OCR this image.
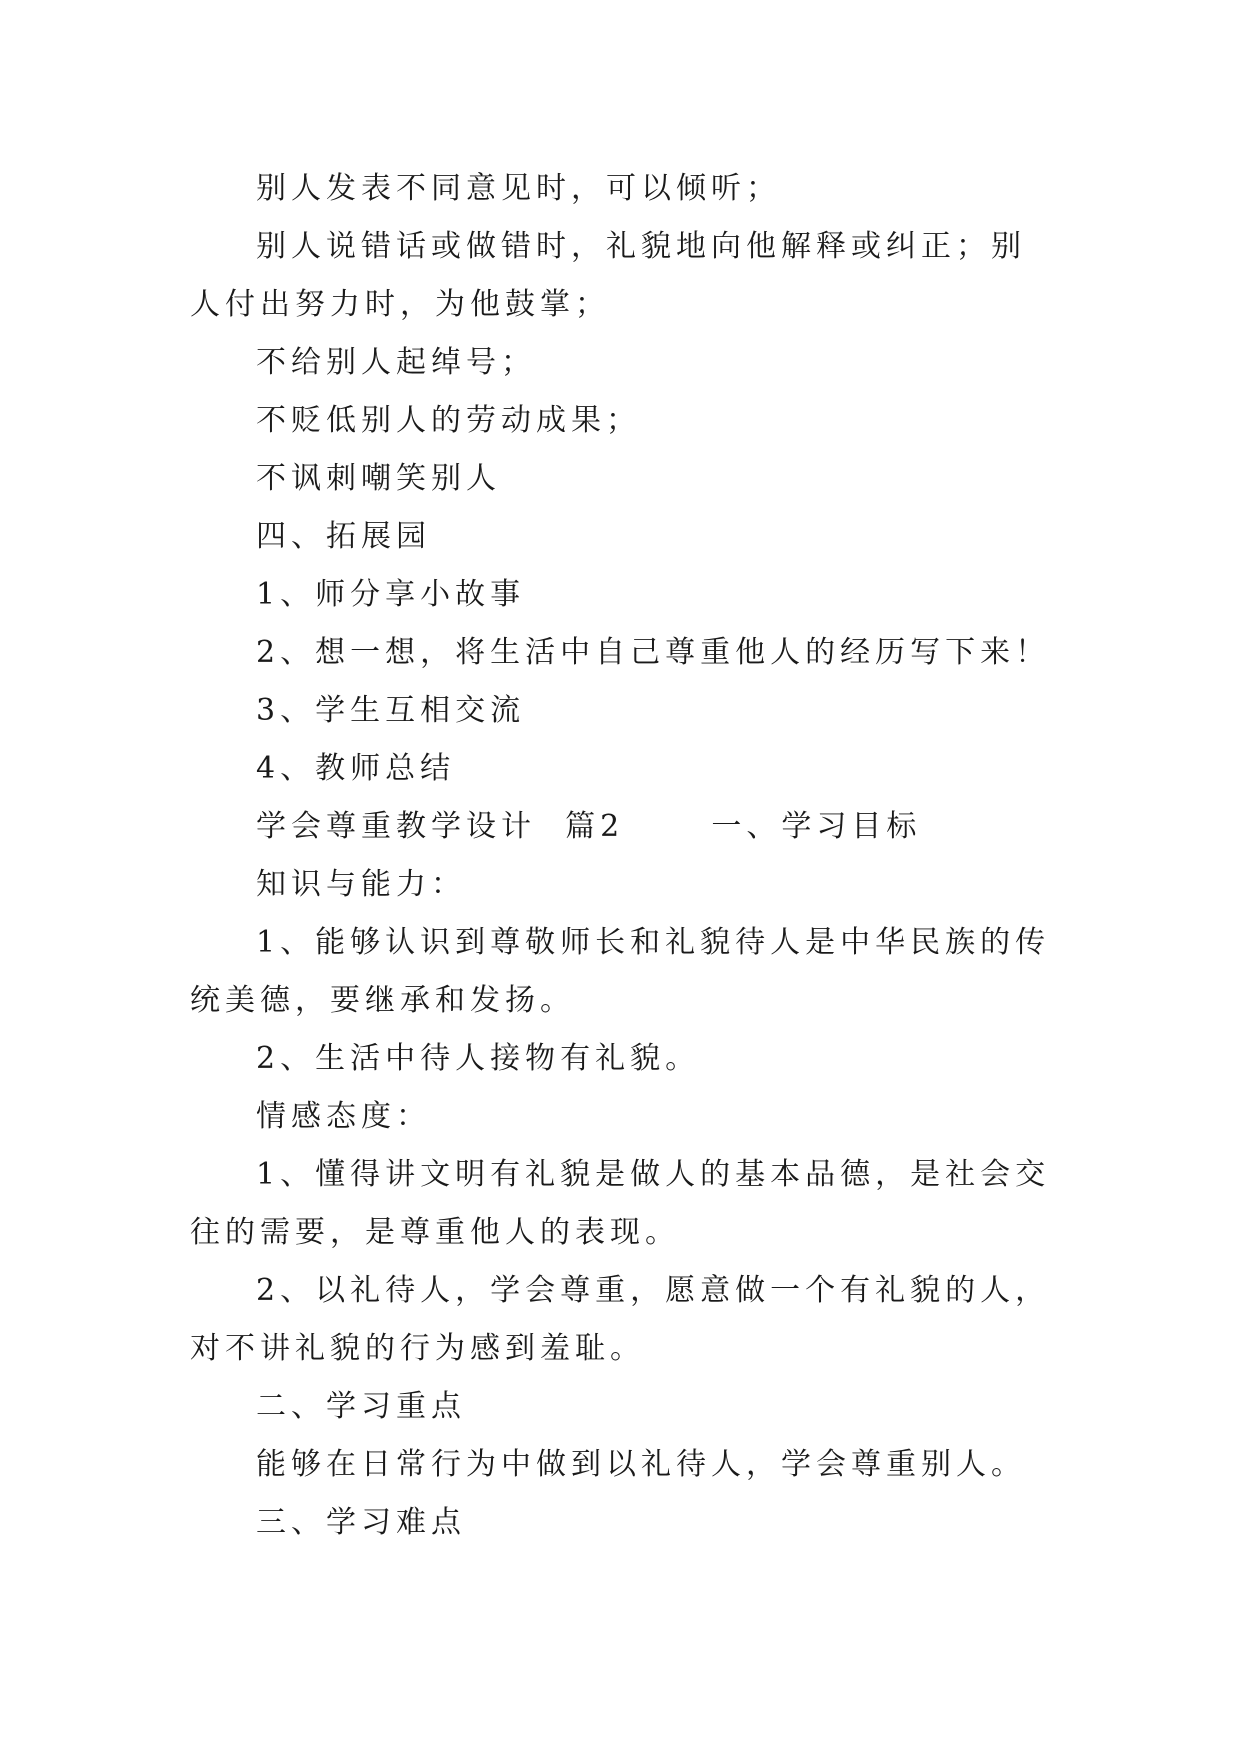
别人发表不同意见时，可以倾听；

别人说错话或做错时，礼貌地向他解释或纠正；别人付出努力时，为他鼓掌；

不给别人起绰号；

不贬低别人的劳动成果；

不讽刺嘲笑别人

四、拓展园

1、师分享小故事

2、想一想，将生活中自己尊重他人的经历写下来！

3、学生互相交流

4、教师总结

学会尊重教学设计  篇2      一、学习目标

知识与能力：

1、能够认识到尊敬师长和礼貌待人是中华民族的传统美德，要继承和发扬。

2、生活中待人接物有礼貌。

情感态度：

1、懂得讲文明有礼貌是做人的基本品德，是社会交往的需要，是尊重他人的表现。

2、以礼待人，学会尊重，愿意做一个有礼貌的人，对不讲礼貌的行为感到羞耻。

二、学习重点

能够在日常行为中做到以礼待人，学会尊重别人。

三、学习难点
